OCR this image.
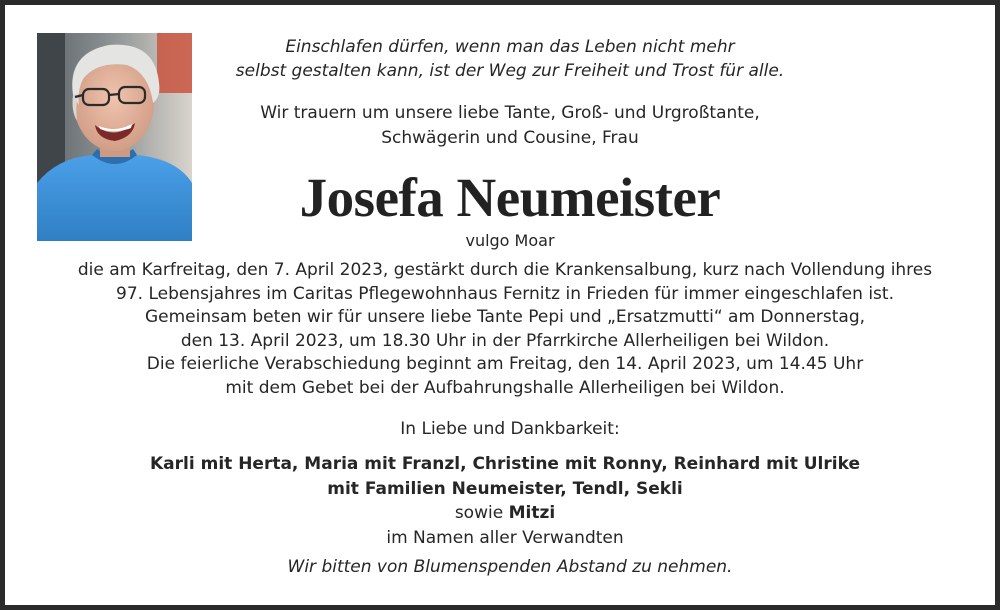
Einschlafen dürfen, wenn man das Leben nicht mehr
selbst gestalten kann, ist der Weg zur Freiheit und Trost für alle.
Wir trauern um unsere liebe Tante, Groß- und Urgroßtante,
Schwägerin und Cousine, Frau
Josefa Neumeister
vulgo Moar
die am Karfreitag, den 7. April 2023, gestärkt durch die Krankensalbung, kurz nach Vollendung ihres
97. Lebensjahres im Caritas Pflegewohnhaus Fernitz in Frieden für immer eingeschlafen ist.
Gemeinsam beten wir für unsere liebe Tante Pepi und „Ersatzmutti“ am Donnerstag,
den 13. April 2023, um 18.30 Uhr in der Pfarrkirche Allerheiligen bei Wildon.
Die feierliche Verabschiedung beginnt am Freitag, den 14. April 2023, um 14.45 Uhr
mit dem Gebet bei der Aufbahrungshalle Allerheiligen bei Wildon.
In Liebe und Dankbarkeit:
Karli mit Herta, Maria mit Franzl, Christine mit Ronny, Reinhard mit Ulrike
mit Familien Neumeister, Tendl, Sekli
sowie Mitzi
im Namen aller Verwandten
Wir bitten von Blumenspenden Abstand zu nehmen.
